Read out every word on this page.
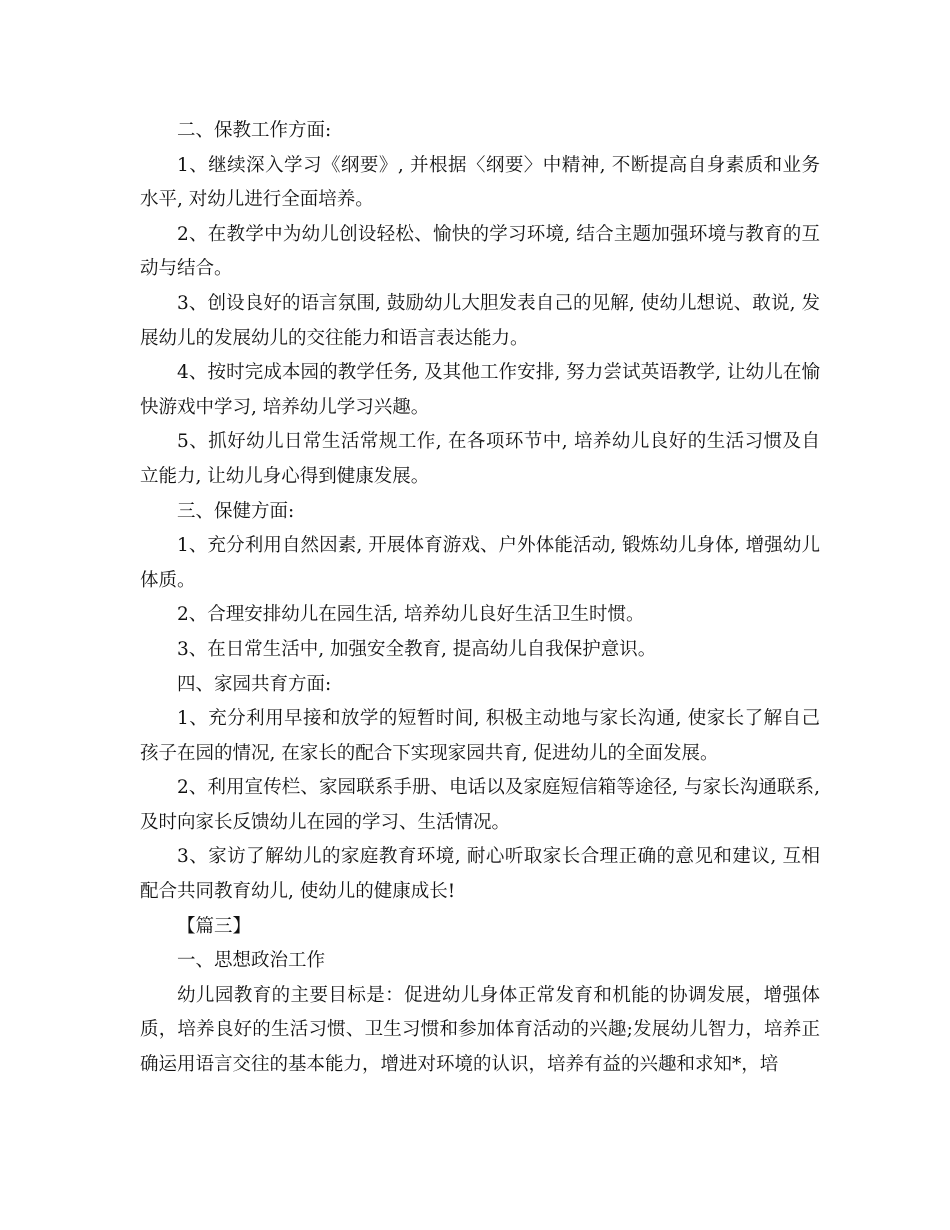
二、保教工作方面:

1、继续深入学习《纲要》, 并根据〈纲要〉中精神, 不断提高自身素质和业务水平, 对幼儿进行全面培养。

2、在教学中为幼儿创设轻松、愉快的学习环境, 结合主题加强环境与教育的互动与结合。

3、创设良好的语言氛围, 鼓励幼儿大胆发表自己的见解, 使幼儿想说、敢说, 发展幼儿的发展幼儿的交往能力和语言表达能力。

4、按时完成本园的教学任务, 及其他工作安排, 努力尝试英语教学, 让幼儿在愉快游戏中学习, 培养幼儿学习兴趣。

5、抓好幼儿日常生活常规工作, 在各项环节中, 培养幼儿良好的生活习惯及自立能力, 让幼儿身心得到健康发展。

三、保健方面:

1、充分利用自然因素, 开展体育游戏、户外体能活动, 锻炼幼儿身体, 增强幼儿体质。

2、合理安排幼儿在园生活, 培养幼儿良好生活卫生时惯。

3、在日常生活中, 加强安全教育, 提高幼儿自我保护意识。

四、家园共育方面:

1、充分利用早接和放学的短暂时间, 积极主动地与家长沟通, 使家长了解自己孩子在园的情况, 在家长的配合下实现家园共育, 促进幼儿的全面发展。

2、利用宣传栏、家园联系手册、电话以及家庭短信箱等途径, 与家长沟通联系, 及时向家长反馈幼儿在园的学习、生活情况。

3、家访了解幼儿的家庭教育环境, 耐心听取家长合理正确的意见和建议, 互相配合共同教育幼儿, 使幼儿的健康成长!

【篇三】

一、思想政治工作

幼儿园教育的主要目标是：促进幼儿身体正常发育和机能的协调发展，增强体质，培养良好的生活习惯、卫生习惯和参加体育活动的兴趣;发展幼儿智力，培养正确运用语言交往的基本能力，增进对环境的认识，培养有益的兴趣和求知*，培
